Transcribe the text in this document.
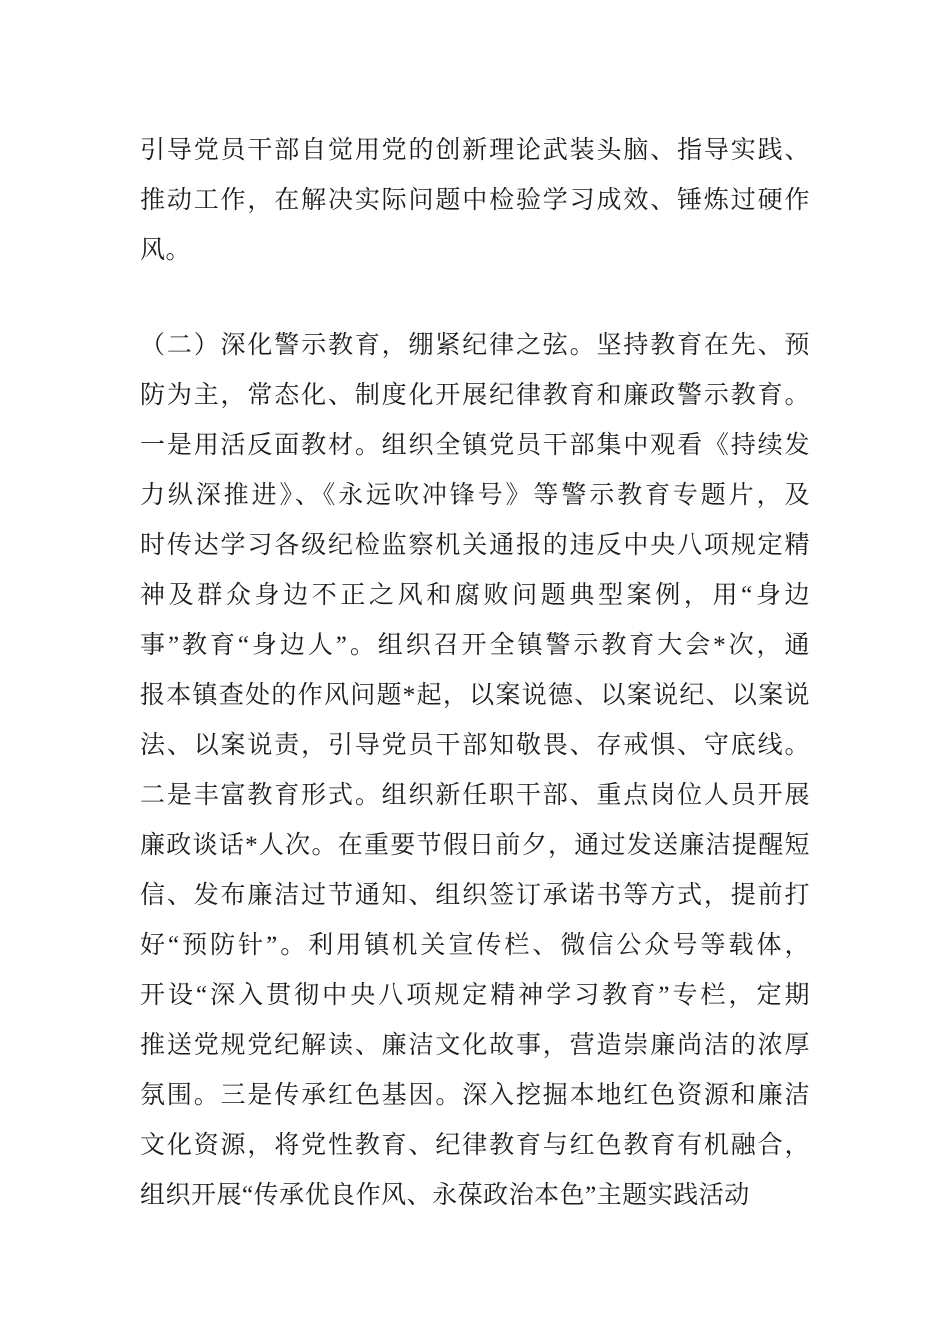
引导党员干部自觉用党的创新理论武装头脑、指导实践、
推动工作，在解决实际问题中检验学习成效、锤炼过硬作
风。
（二）深化警示教育，绷紧纪律之弦。坚持教育在先、预
防为主，常态化、制度化开展纪律教育和廉政警示教育。
一是用活反面教材。组织全镇党员干部集中观看《持续发
力纵深推进》、《永远吹冲锋号》等警示教育专题片，及
时传达学习各级纪检监察机关通报的违反中央八项规定精
神及群众身边不正之风和腐败问题典型案例，用“身边
事”教育“身边人”。组织召开全镇警示教育大会*次，通
报本镇查处的作风问题*起，以案说德、以案说纪、以案说
法、以案说责，引导党员干部知敬畏、存戒惧、守底线。
二是丰富教育形式。组织新任职干部、重点岗位人员开展
廉政谈话*人次。在重要节假日前夕，通过发送廉洁提醒短
信、发布廉洁过节通知、组织签订承诺书等方式，提前打
好“预防针”。利用镇机关宣传栏、微信公众号等载体，
开设“深入贯彻中央八项规定精神学习教育”专栏，定期
推送党规党纪解读、廉洁文化故事，营造崇廉尚洁的浓厚
氛围。三是传承红色基因。深入挖掘本地红色资源和廉洁
文化资源，将党性教育、纪律教育与红色教育有机融合，
组织开展“传承优良作风、永葆政治本色”主题实践活动
